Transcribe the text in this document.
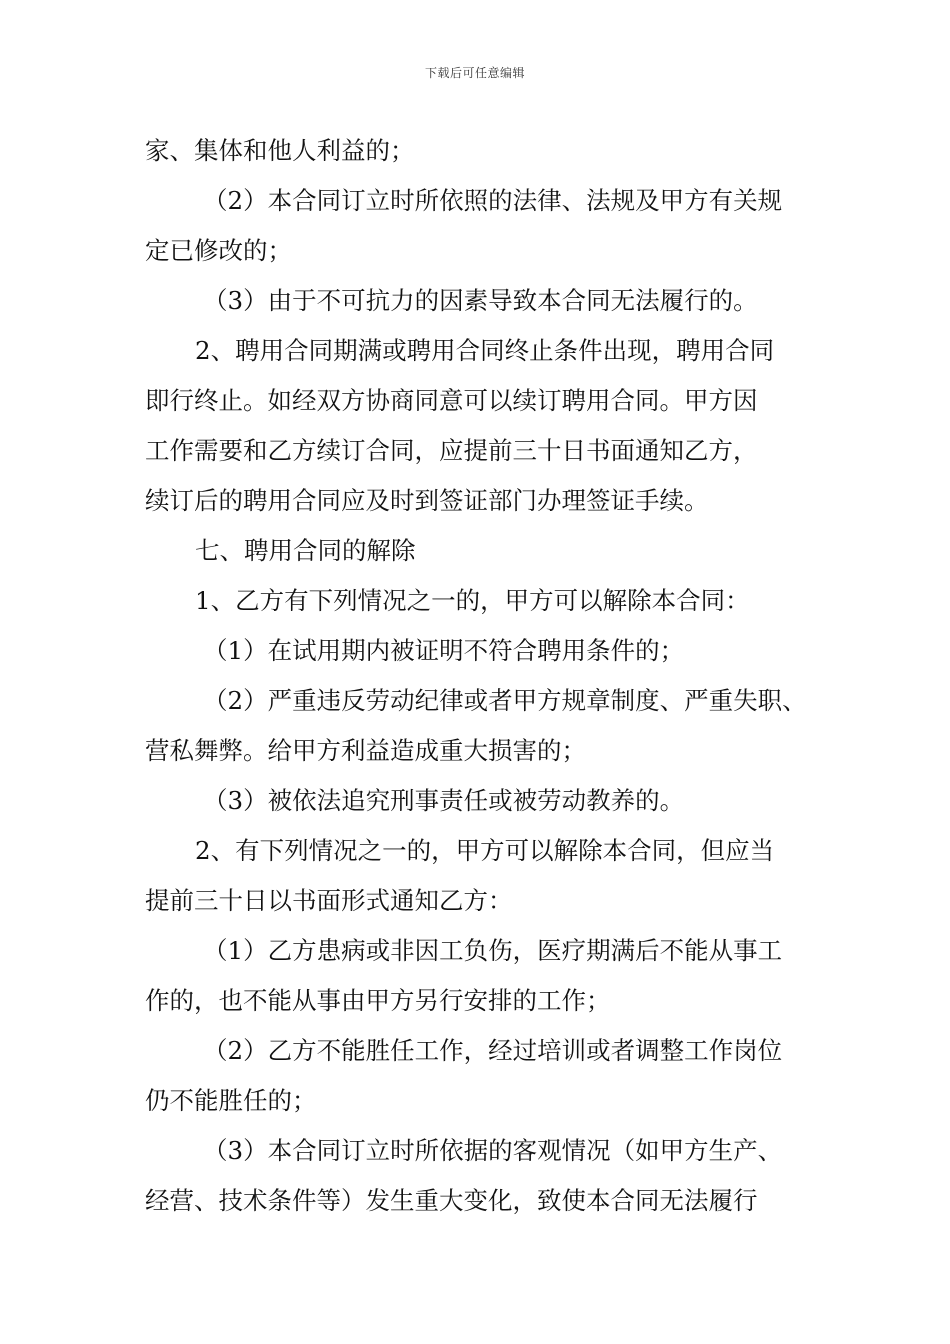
下载后可任意编辑
家、集体和他人利益的；
（2）本合同订立时所依照的法律、法规及甲方有关规
定已修改的；
（3）由于不可抗力的因素导致本合同无法履行的。
2、聘用合同期满或聘用合同终止条件出现，聘用合同
即行终止。如经双方协商同意可以续订聘用合同。甲方因
工作需要和乙方续订合同，应提前三十日书面通知乙方，
续订后的聘用合同应及时到签证部门办理签证手续。
七、聘用合同的解除
1、乙方有下列情况之一的，甲方可以解除本合同：
（1）在试用期内被证明不符合聘用条件的；
（2）严重违反劳动纪律或者甲方规章制度、严重失职、
营私舞弊。给甲方利益造成重大损害的；
（3）被依法追究刑事责任或被劳动教养的。
2、有下列情况之一的，甲方可以解除本合同，但应当
提前三十日以书面形式通知乙方：
（1）乙方患病或非因工负伤，医疗期满后不能从事工
作的，也不能从事由甲方另行安排的工作；
（2）乙方不能胜任工作，经过培训或者调整工作岗位
仍不能胜任的；
（3）本合同订立时所依据的客观情况（如甲方生产、
经营、技术条件等）发生重大变化，致使本合同无法履行
